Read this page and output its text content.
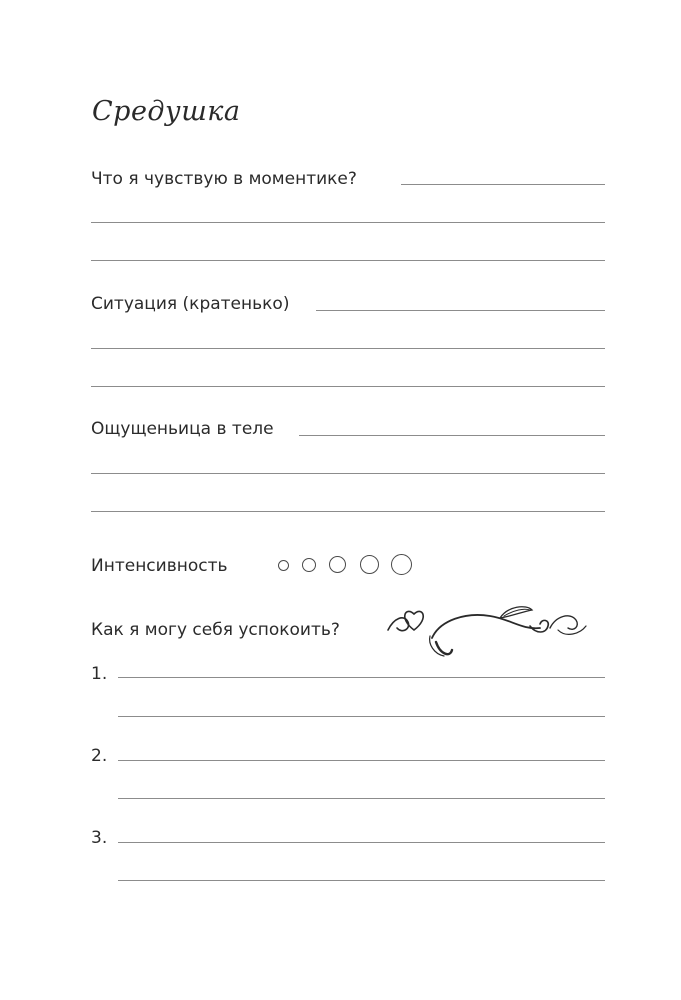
Средушка
Что я чувствую в моментике?
Ситуация (кратенько)
Ощущеньица в теле
Интенсивность
Как я могу себя успокоить?
1.
2.
3.
